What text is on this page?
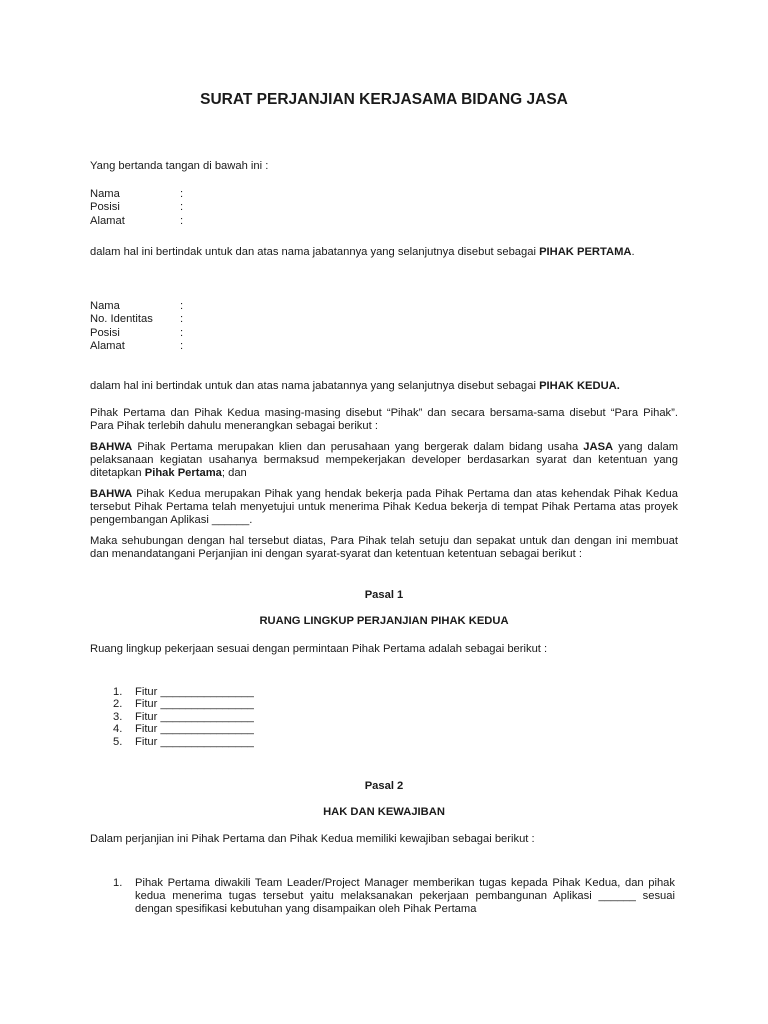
SURAT PERJANJIAN KERJASAMA BIDANG JASA
Yang bertanda tangan di bawah ini :
Nama	:
Posisi	:
Alamat	:
dalam hal ini bertindak untuk dan atas nama jabatannya yang selanjutnya disebut sebagai PIHAK PERTAMA.
Nama	:
No. Identitas :
Posisi	:
Alamat	:
dalam hal ini bertindak untuk dan atas nama jabatannya yang selanjutnya disebut sebagai PIHAK KEDUA.
Pihak Pertama dan Pihak Kedua masing-masing disebut “Pihak” dan secara bersama-sama disebut “Para Pihak”. Para Pihak terlebih dahulu menerangkan sebagai berikut :
BAHWA Pihak Pertama merupakan klien dan perusahaan yang bergerak dalam bidang usaha JASA yang dalam pelaksanaan kegiatan usahanya bermaksud mempekerjakan developer berdasarkan syarat dan ketentuan yang ditetapkan Pihak Pertama; dan
BAHWA Pihak Kedua merupakan Pihak yang hendak bekerja pada Pihak Pertama dan atas kehendak Pihak Kedua tersebut Pihak Pertama telah menyetujui untuk menerima Pihak Kedua bekerja di tempat Pihak Pertama atas proyek pengembangan Aplikasi ______.
Maka sehubungan dengan hal tersebut diatas, Para Pihak telah setuju dan sepakat untuk dan dengan ini membuat dan menandatangani Perjanjian ini dengan syarat-syarat dan ketentuan ketentuan sebagai berikut :
Pasal 1
RUANG LINGKUP PERJANJIAN PIHAK KEDUA
Ruang lingkup pekerjaan sesuai dengan permintaan Pihak Pertama adalah sebagai berikut :
1. Fitur _______________
2. Fitur _______________
3. Fitur _______________
4. Fitur _______________
5. Fitur _______________
Pasal 2
HAK DAN KEWAJIBAN
Dalam perjanjian ini Pihak Pertama dan Pihak Kedua memiliki kewajiban sebagai berikut :
1. Pihak Pertama diwakili Team Leader/Project Manager memberikan tugas kepada Pihak Kedua, dan pihak kedua menerima tugas tersebut yaitu melaksanakan pekerjaan pembangunan Aplikasi ______ sesuai dengan spesifikasi kebutuhan yang disampaikan oleh Pihak Pertama
